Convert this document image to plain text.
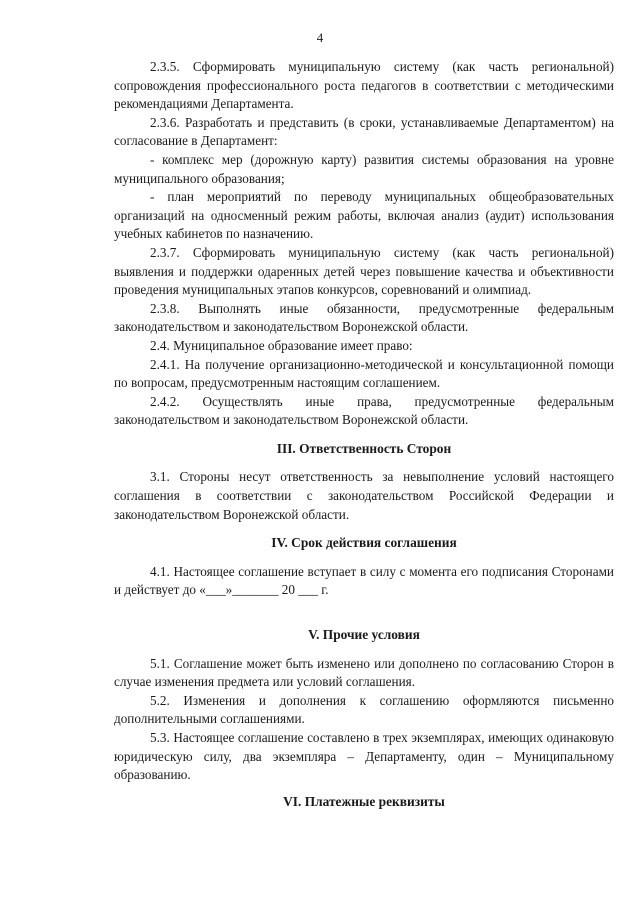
4

2.3.5. Сформировать муниципальную систему (как часть региональной) сопровождения профессионального роста педагогов в соответствии с методическими рекомендациями Департамента.

2.3.6. Разработать и представить (в сроки, устанавливаемые Департаментом) на согласование в Департамент:

- комплекс мер (дорожную карту) развития системы образования на уровне муниципального образования;

- план мероприятий по переводу муниципальных общеобразовательных организаций на односменный режим работы, включая анализ (аудит) использования учебных кабинетов по назначению.

2.3.7. Сформировать муниципальную систему (как часть региональной) выявления и поддержки одаренных детей через повышение качества и объективности проведения муниципальных этапов конкурсов, соревнований и олимпиад.

2.3.8. Выполнять иные обязанности, предусмотренные федеральным законодательством и законодательством Воронежской области.

2.4. Муниципальное образование имеет право:

2.4.1. На получение организационно-методической и консультационной помощи по вопросам, предусмотренным настоящим соглашением.

2.4.2. Осуществлять иные права, предусмотренные федеральным законодательством и законодательством Воронежской области.

III. Ответственность Сторон

3.1. Стороны несут ответственность за невыполнение условий настоящего соглашения в соответствии с законодательством Российской Федерации и законодательством Воронежской области.

IV. Срок действия соглашения

4.1. Настоящее соглашение вступает в силу с момента его подписания Сторонами и действует до «___»_______ 20 ___ г.

V. Прочие условия

5.1. Соглашение может быть изменено или дополнено по согласованию Сторон в случае изменения предмета или условий соглашения.

5.2. Изменения и дополнения к соглашению оформляются письменно дополнительными соглашениями.

5.3. Настоящее соглашение составлено в трех экземплярах, имеющих одинаковую юридическую силу, два экземпляра – Департаменту, один – Муниципальному образованию.

VI. Платежные реквизиты
